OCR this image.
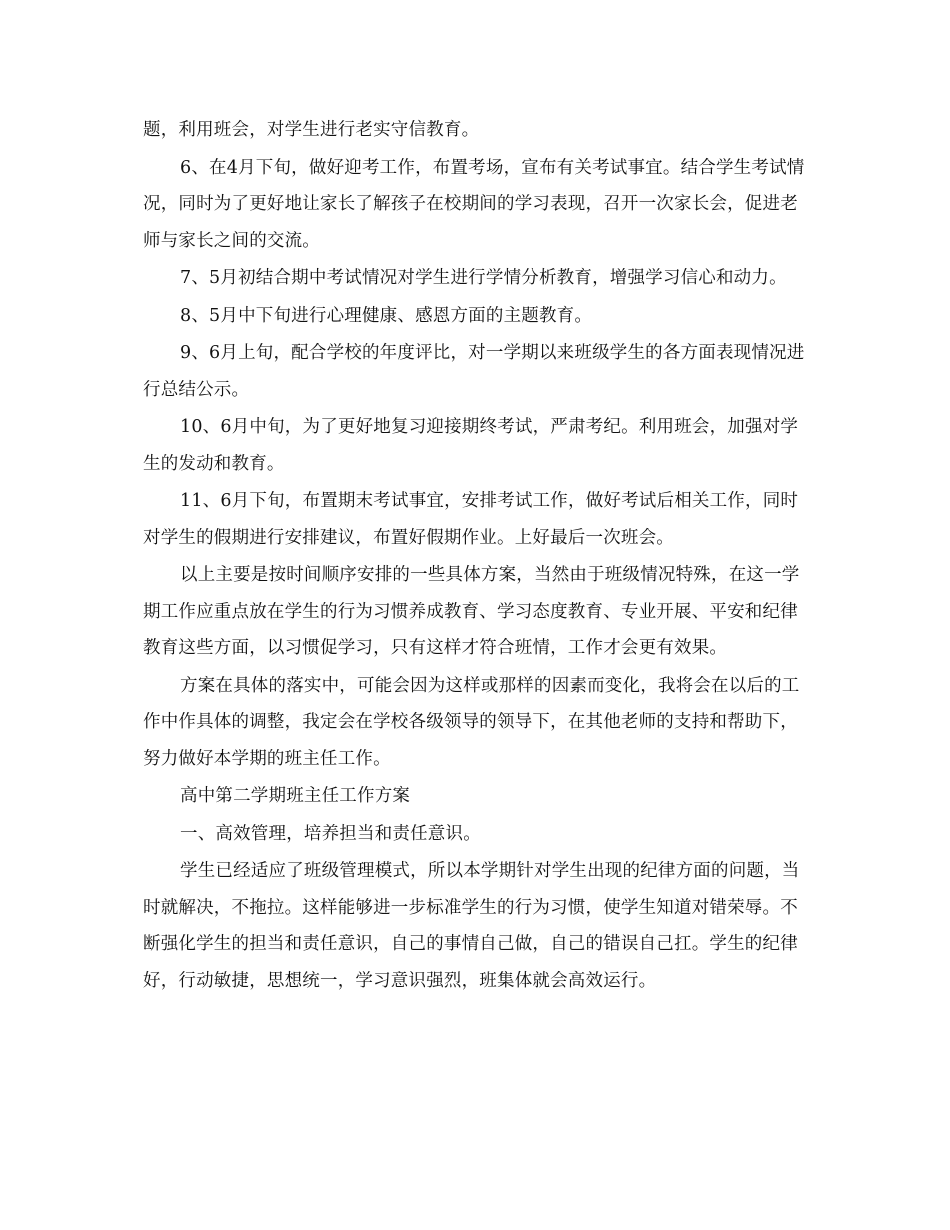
题，利用班会，对学生进行老实守信教育。

6、在4月下旬，做好迎考工作，布置考场，宣布有关考试事宜。结合学生考试情况，同时为了更好地让家长了解孩子在校期间的学习表现，召开一次家长会，促进老师与家长之间的交流。

7、5月初结合期中考试情况对学生进行学情分析教育，增强学习信心和动力。

8、5月中下旬进行心理健康、感恩方面的主题教育。

9、6月上旬，配合学校的年度评比，对一学期以来班级学生的各方面表现情况进行总结公示。

10、6月中旬，为了更好地复习迎接期终考试，严肃考纪。利用班会，加强对学生的发动和教育。

11、6月下旬，布置期末考试事宜，安排考试工作，做好考试后相关工作，同时对学生的假期进行安排建议，布置好假期作业。上好最后一次班会。

以上主要是按时间顺序安排的一些具体方案，当然由于班级情况特殊，在这一学期工作应重点放在学生的行为习惯养成教育、学习态度教育、专业开展、平安和纪律教育这些方面，以习惯促学习，只有这样才符合班情，工作才会更有效果。

方案在具体的落实中，可能会因为这样或那样的因素而变化，我将会在以后的工作中作具体的调整，我定会在学校各级领导的领导下，在其他老师的支持和帮助下，努力做好本学期的班主任工作。

高中第二学期班主任工作方案

一、高效管理，培养担当和责任意识。

学生已经适应了班级管理模式，所以本学期针对学生出现的纪律方面的问题，当时就解决，不拖拉。这样能够进一步标准学生的行为习惯，使学生知道对错荣辱。不断强化学生的担当和责任意识，自己的事情自己做，自己的错误自己扛。学生的纪律好，行动敏捷，思想统一，学习意识强烈，班集体就会高效运行。
